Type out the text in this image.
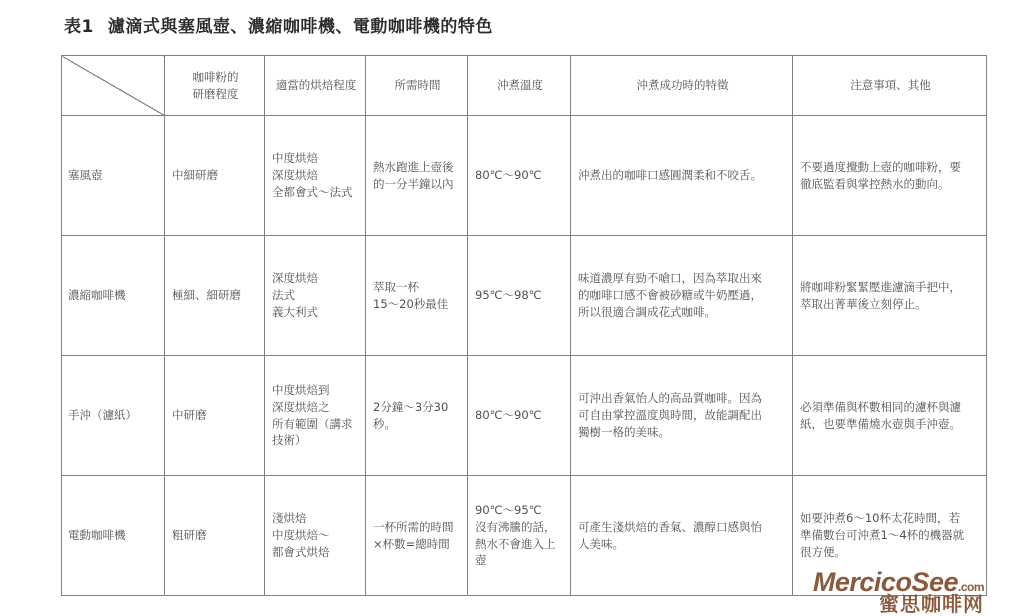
表1 濾滴式與塞風壺、濃縮咖啡機、電動咖啡機的特色
	咖啡粉的
研磨程度	適當的烘焙程度	所需時間	沖煮溫度	沖煮成功時的特徵	注意事項、其他
塞風壺	中細研磨	中度烘焙
深度烘焙
全都會式～法式	熱水跑進上壺後
的一分半鐘以內	80℃～90℃	沖煮出的咖啡口感圓潤柔和不咬舌。	不要過度攪動上壺的咖啡粉，要
徹底監看與掌控熱水的動向。
濃縮咖啡機	極細、細研磨	深度烘焙
法式
義大利式	萃取一杯
15～20秒最佳	95℃～98℃	味道濃厚有勁不嗆口，因為萃取出來
的咖啡口感不會被砂糖或牛奶壓過，
所以很適合調成花式咖啡。	將咖啡粉緊緊壓進濾滴手把中，
萃取出菁華後立刻停止。
手沖（濾紙）	中研磨	中度烘焙到
深度烘焙之
所有範圍（講求
技術）	2分鐘～3分30
秒。	80℃～90℃	可沖出香氣怡人的高品質咖啡。因為
可自由掌控溫度與時間，故能調配出
獨樹一格的美味。	必須準備與杯數相同的濾杯與濾
紙，也要準備燒水壺與手沖壺。
電動咖啡機	粗研磨	淺烘焙
中度烘焙～
都會式烘焙	一杯所需的時間
×杯數=總時間	90℃～95℃
沒有沸騰的話，
熱水不會進入上
壺	可產生淺烘焙的香氣、濃醇口感與怡
人美味。	如要沖煮6～10杯太花時間，若
準備數台可沖煮1～4杯的機器就
很方便。
MercicoSee.com
蜜思咖啡网
